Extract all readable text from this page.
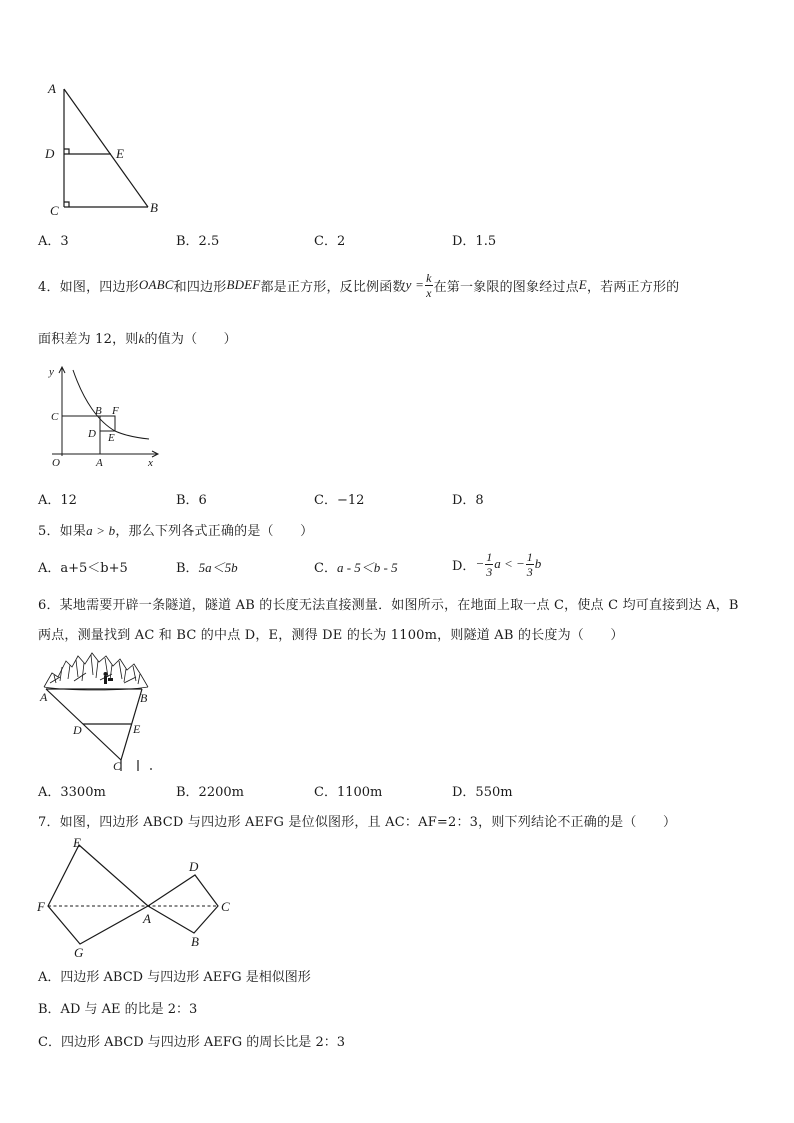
A
D	E
C	B
A．3	B．2.5	C．2	D．1.5
4．如图，四边形 OABC 和四边形 BDEF 都是正方形，反比例函数 $y = \frac{k}{x}$ 在第一象限的图象经过点 E ，若两正方形的
面积差为 12，则k的值为（　　）
y
x
O	A
C	B F
D E
A．12	B．6	C．−12	D．8
5．如果a > b，那么下列各式正确的是（　　）
A．a+5＜b+5	B．5a＜5b	C．a - 5＜b - 5	D． − $\frac{1}{3}$ a < − $\frac{1}{3}$ b
6．某地需要开辟一条隧道，隧道 AB 的长度无法直接测量．如图所示，在地面上取一点 C，使点 C 均可直接到达 A，B
两点，测量找到 AC 和 BC 的中点 D，E，测得 DE 的长为 1100m，则隧道 AB 的长度为（　　）
A	B
D	E
C
A．3300m	B．2200m	C．1100m	D．550m
7．如图，四边形 ABCD 与四边形 AEFG 是位似图形，且 AC：AF=2：3，则下列结论不正确的是（　　）
E
F
G
A
D
C
B
A．四边形 ABCD 与四边形 AEFG 是相似图形
B．AD 与 AE 的比是 2：3
C．四边形 ABCD 与四边形 AEFG 的周长比是 2：3
